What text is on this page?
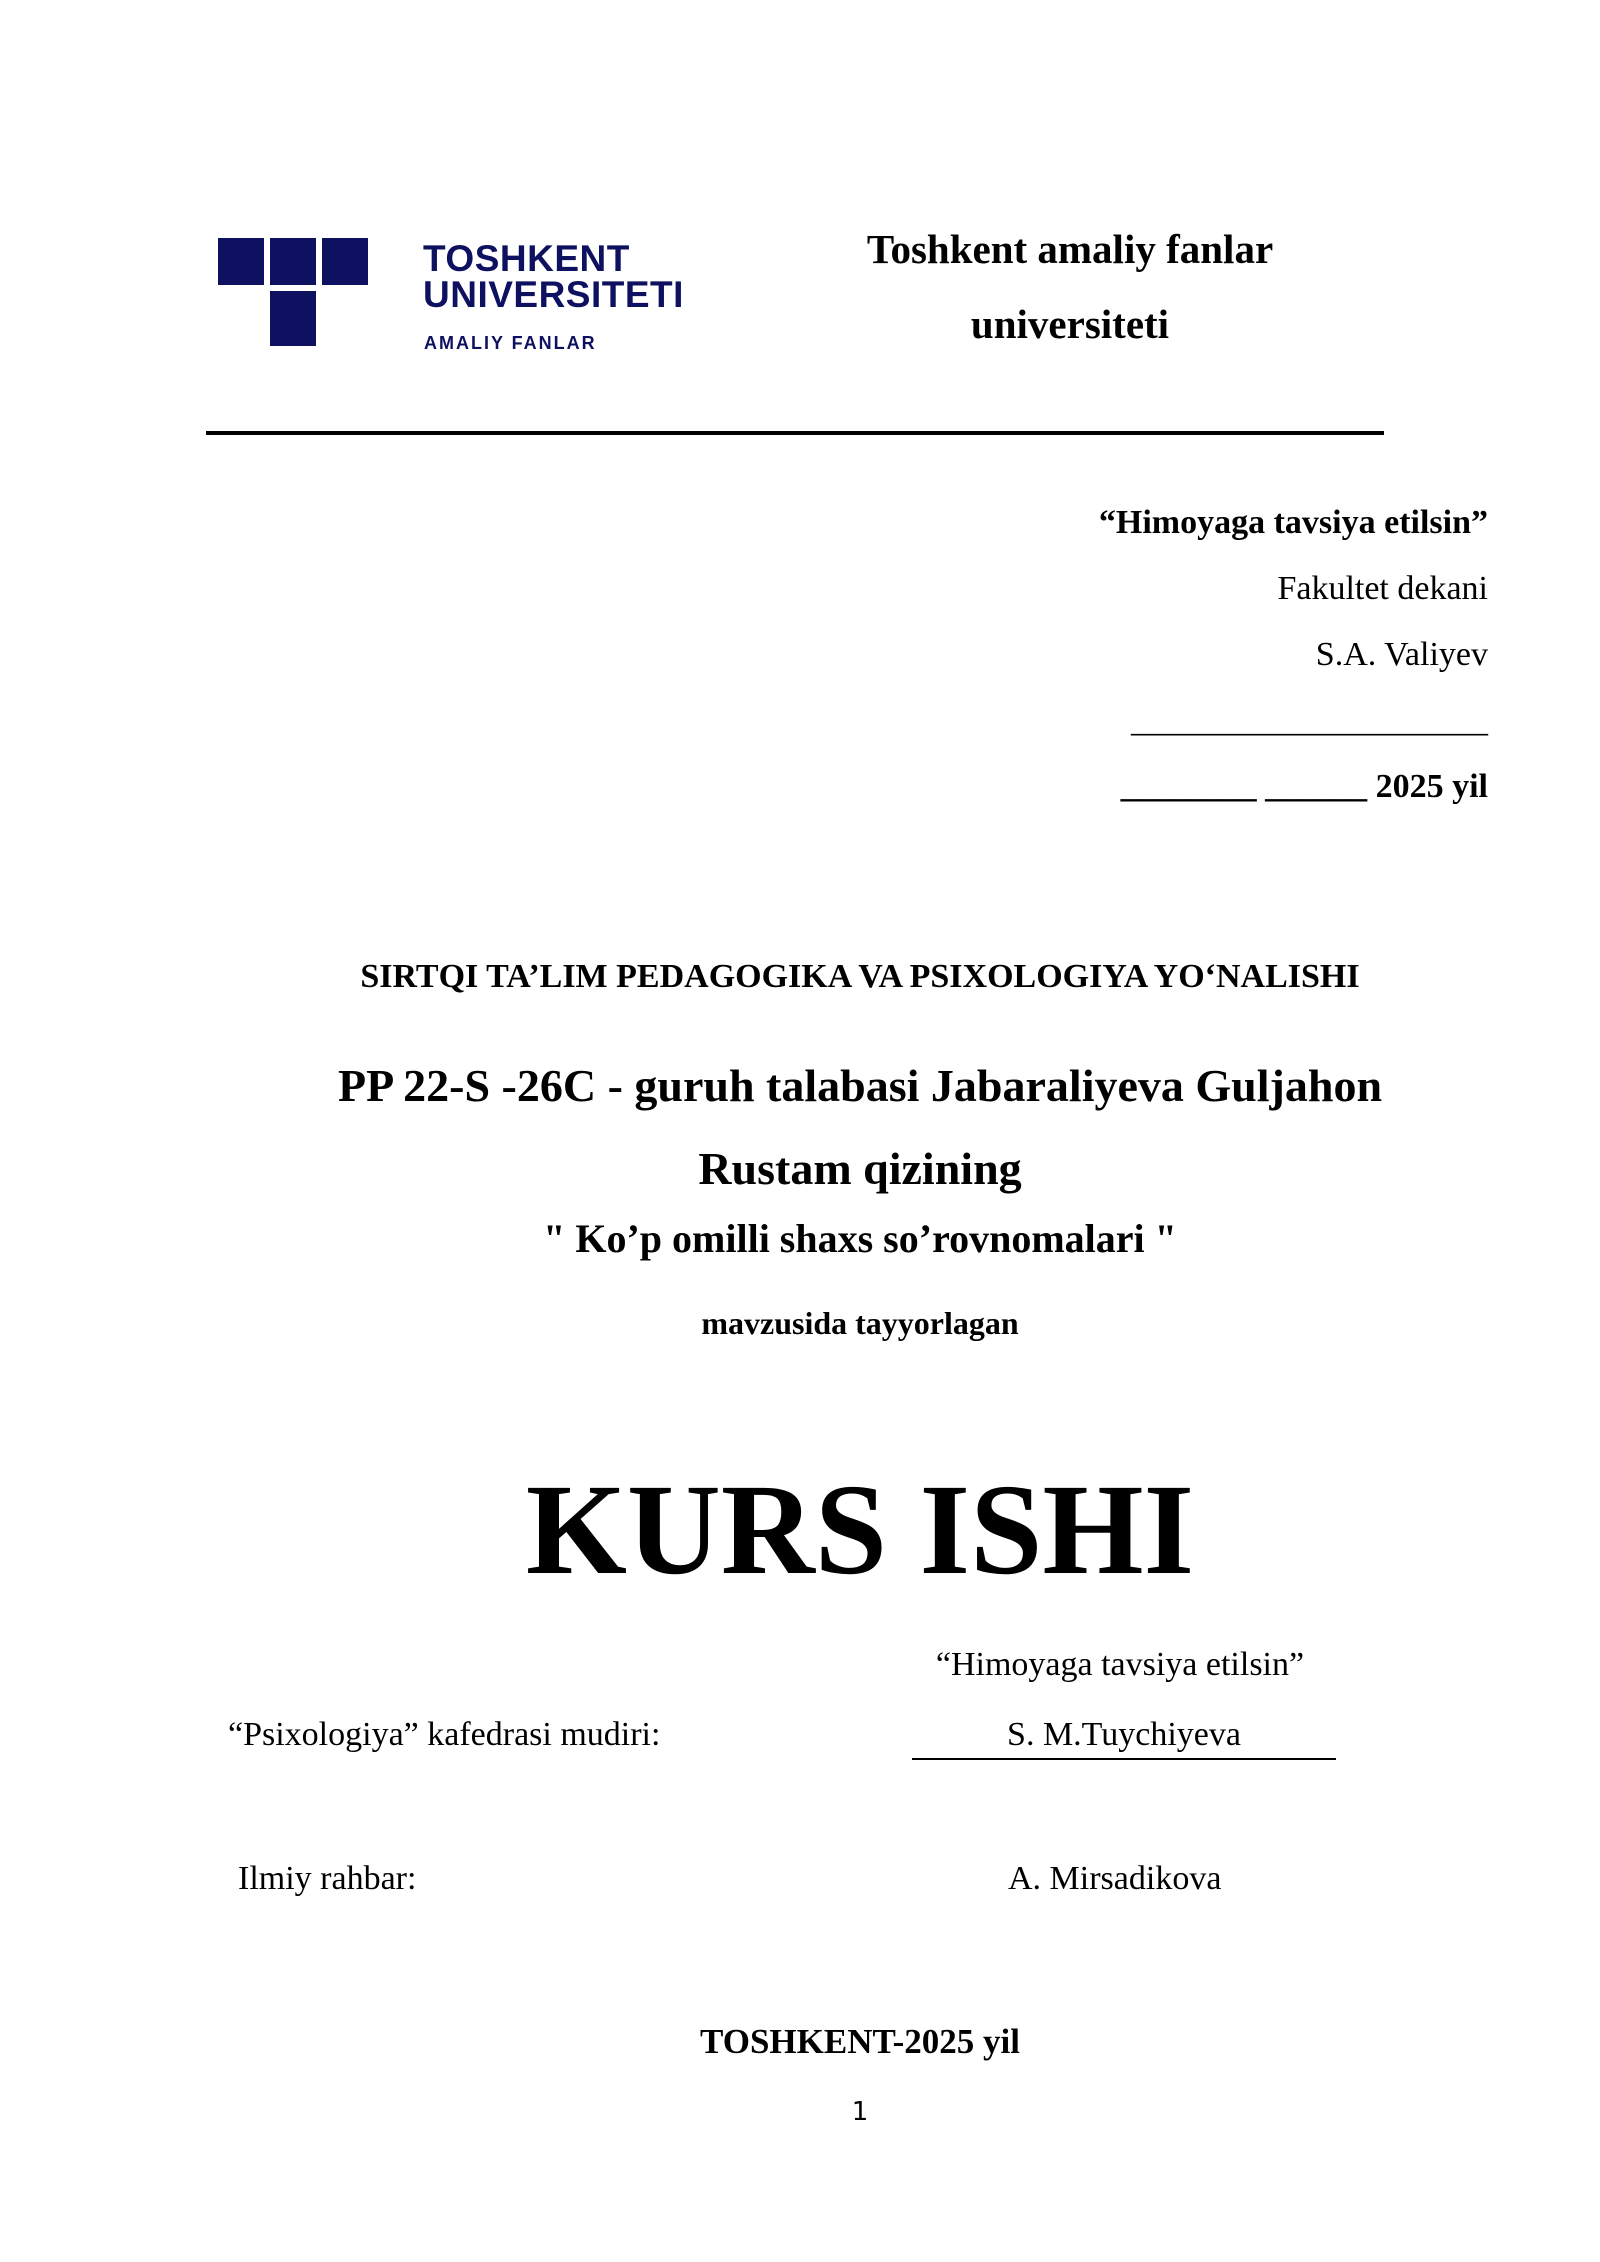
TOSHKENT
UNIVERSITETI
AMALIY FANLAR
Toshkent amaliy fanlar
universiteti
“Himoyaga tavsiya etilsin”
Fakultet dekani
S.A. Valiyev
_____________________
________ ______ 2025 yil
SIRTQI TA’LIM PEDAGOGIKA VA PSIXOLOGIYA YO‘NALISHI
PP 22-S -26C - guruh talabasi Jabaraliyeva Guljahon
Rustam qizining
" Ko’p omilli shaxs so’rovnomalari "
mavzusida tayyorlagan
KURS ISHI
“Himoyaga tavsiya etilsin”
“Psixologiya” kafedrasi mudiri:	S. M.Tuychiyeva
Ilmiy rahbar:	A. Mirsadikova
TOSHKENT-2025 yil
1
